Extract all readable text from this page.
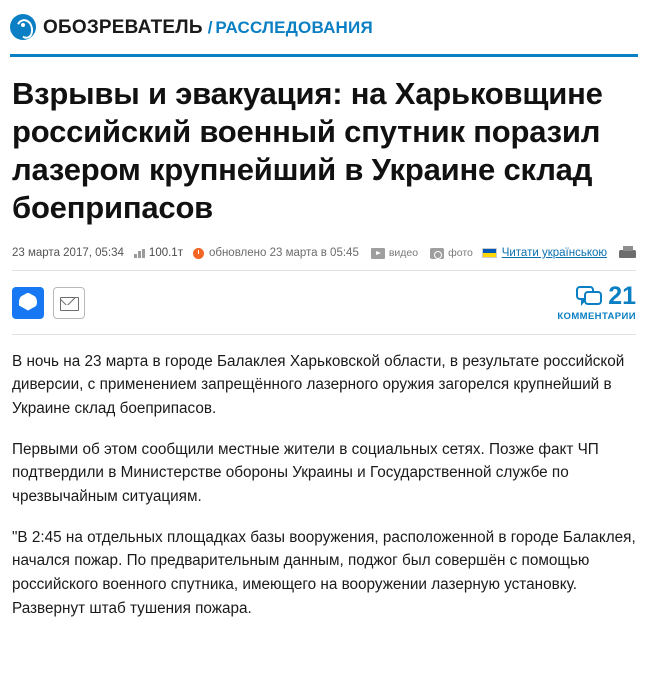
ОБОЗРЕВАТЕЛЬ / РАССЛЕДОВАНИЯ
Взрывы и эвакуация: на Харьковщине российский военный спутник поразил лазером крупнейший в Украине склад боеприпасов
23 марта 2017, 05:34 100.1т обновлено 23 марта в 05:45	видео	фото	Читати українською
21
КОММЕНТАРИИ

В ночь на 23 марта в городе Балаклея Харьковской области, в результате российской диверсии, с применением запрещённого лазерного оружия загорелся крупнейший в Украине склад боеприпасов.

Первыми об этом сообщили местные жители в социальных сетях. Позже факт ЧП подтвердили в Министерстве обороны Украины и Государственной службе по чрезвычайным ситуациям.

"В 2:45 на отдельных площадках базы вооружения, расположенной в городе Балаклея, начался пожар. По предварительным данным, поджог был совершён с помощью российского военного спутника, имеющего на вооружении лазерную установку. Развернут штаб тушения пожара.
